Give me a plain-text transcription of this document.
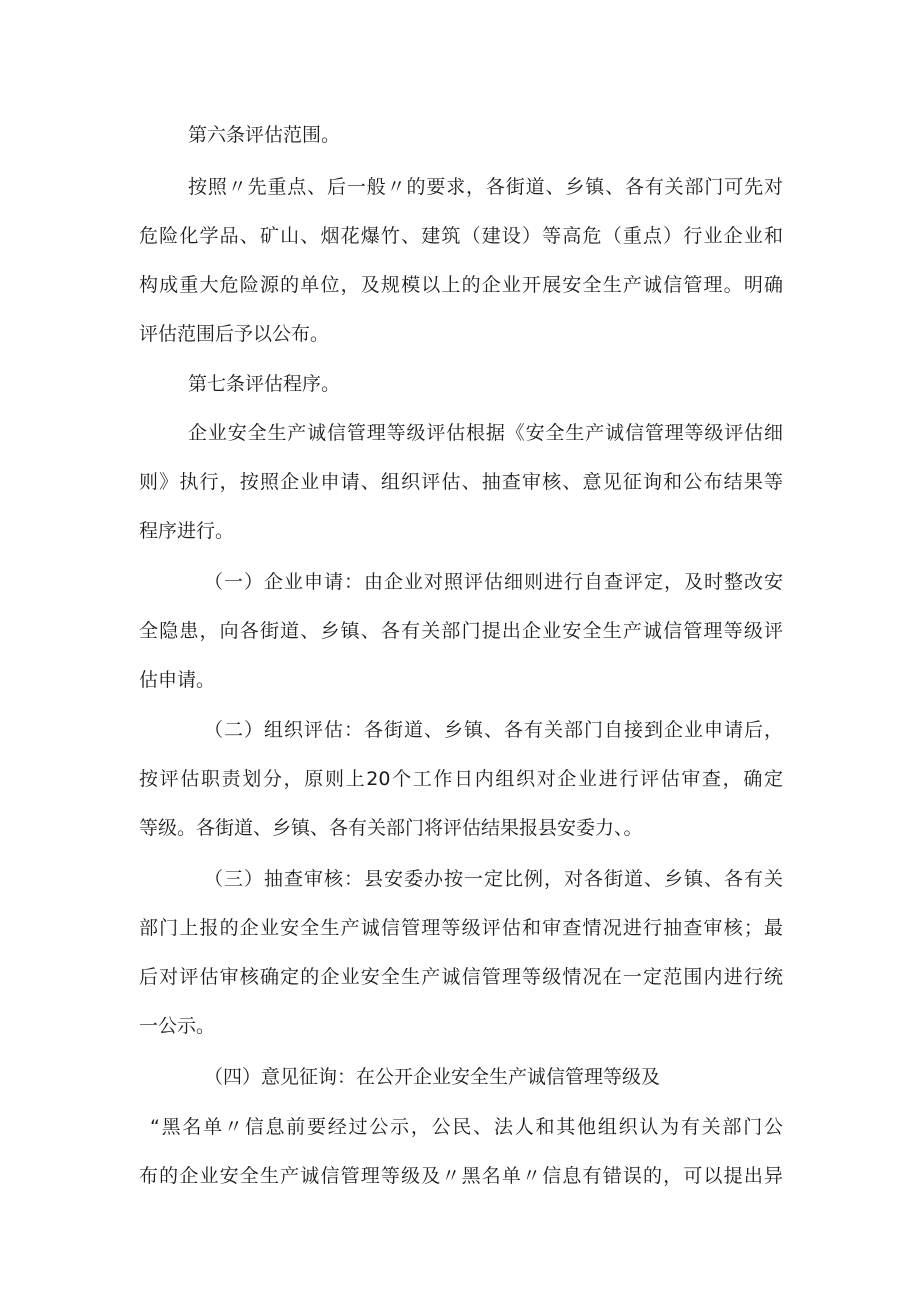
第六条评估范围。
按照〃先重点、后一般〃的要求，各街道、乡镇、各有关部门可先对
危险化学品、矿山、烟花爆竹、建筑（建设）等高危（重点）行业企业和
构成重大危险源的单位，及规模以上的企业开展安全生产诚信管理。明确
评估范围后予以公布。
第七条评估程序。
企业安全生产诚信管理等级评估根据《安全生产诚信管理等级评估细
则》执行，按照企业申请、组织评估、抽查审核、意见征询和公布结果等
程序进行。
（一）企业申请：由企业对照评估细则进行自查评定，及时整改安
全隐患，向各街道、乡镇、各有关部门提出企业安全生产诚信管理等级评
估申请。
（二）组织评估：各街道、乡镇、各有关部门自接到企业申请后，
按评估职责划分，原则上20个工作日内组织对企业进行评估审查，确定
等级。各街道、乡镇、各有关部门将评估结果报县安委力、。
（三）抽查审核：县安委办按一定比例，对各街道、乡镇、各有关
部门上报的企业安全生产诚信管理等级评估和审查情况进行抽查审核；最
后对评估审核确定的企业安全生产诚信管理等级情况在一定范围内进行统
一公示。
（四）意见征询：在公开企业安全生产诚信管理等级及
“黑名单〃信息前要经过公示，公民、法人和其他组织认为有关部门公
布的企业安全生产诚信管理等级及〃黑名单〃信息有错误的，可以提出异
